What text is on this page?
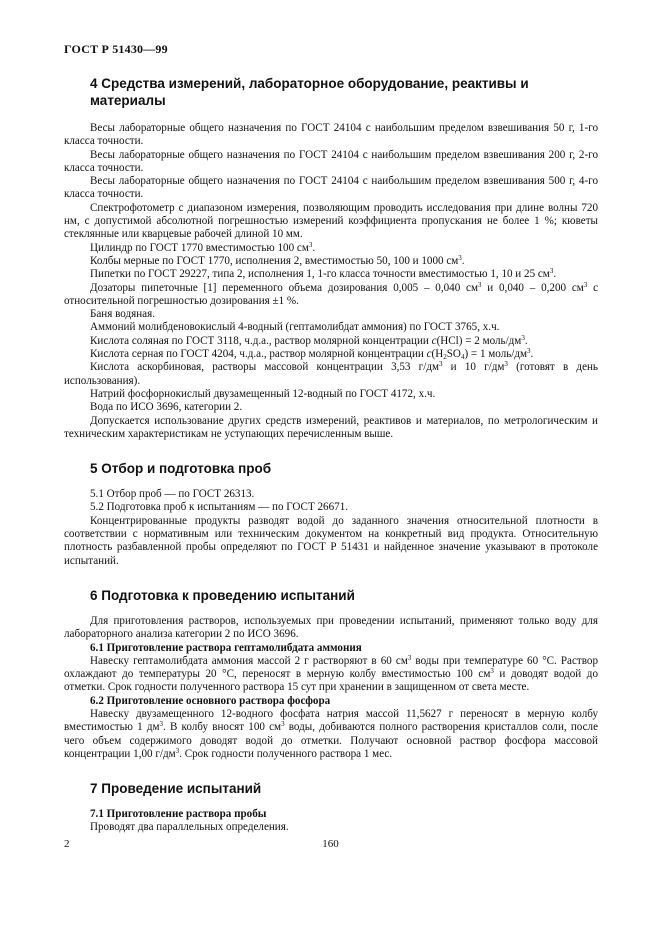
ГОСТ Р 51430—99
4 Средства измерений, лабораторное оборудование, реактивы и материалы

Весы лабораторные общего назначения по ГОСТ 24104 с наибольшим пределом взвешивания 50 г, 1-го класса точности.

Весы лабораторные общего назначения по ГОСТ 24104 с наибольшим пределом взвешивания 200 г, 2-го класса точности.

Весы лабораторные общего назначения по ГОСТ 24104 с наибольшим пределом взвешивания 500 г, 4-го класса точности.

Спектрофотометр с диапазоном измерения, позволяющим проводить исследования при длине волны 720 нм, с допустимой абсолютной погрешностью измерений коэффициента пропускания не более 1 %; кюветы стеклянные или кварцевые рабочей длиной 10 мм.

Цилиндр по ГОСТ 1770 вместимостью 100 $см^3$.

Колбы мерные по ГОСТ 1770, исполнения 2, вместимостью 50, 100 и 1000 $см^3$.

Пипетки по ГОСТ 29227, типа 2, исполнения 1, 1-го класса точности вместимостью 1, 10 и 25 $см^3$.

Дозаторы пипеточные [1] переменного объема дозирования 0,005 – 0,040 $см^3$ и 0,040 – 0,200 $см^3$ с относительной погрешностью дозирования ±1 %.

Баня водяная.

Аммоний молибденовокислый 4-водный (гептамолибдат аммония) по ГОСТ 3765, х.ч.

Кислота соляная по ГОСТ 3118, ч.д.а., раствор молярной концентрации c(HCl) = 2 моль/$дм^3$.

Кислота серная по ГОСТ 4204, ч.д.а., раствор молярной концентрации $c(H_2SO_4) = 1$ моль/$дм^3$.

Кислота аскорбиновая, растворы массовой концентрации 3,53 $г/дм^3$ и 10 $г/дм^3$ (готовят в день использования).

Натрий фосфорнокислый двузамещенный 12-водный по ГОСТ 4172, х.ч.

Вода по ИСО 3696, категории 2.

Допускается использование других средств измерений, реактивов и материалов, по метрологическим и техническим характеристикам не уступающих перечисленным выше.

5 Отбор и подготовка проб

5.1 Отбор проб — по ГОСТ 26313.

5.2 Подготовка проб к испытаниям — по ГОСТ 26671.

Концентрированные продукты разводят водой до заданного значения относительной плотности в соответствии с нормативным или техническим документом на конкретный вид продукта. Относительную плотность разбавленной пробы определяют по ГОСТ Р 51431 и найденное значение указывают в протоколе испытаний.

6 Подготовка к проведению испытаний

Для приготовления растворов, используемых при проведении испытаний, применяют только воду для лабораторного анализа категории 2 по ИСО 3696.

6.1 Приготовление раствора гептамолибдата аммония

Навеску гептамолибдата аммония массой 2 г растворяют в 60 $см^3$ воды при температуре 60 °С. Раствор охлаждают до температуры 20 °С, переносят в мерную колбу вместимостью 100 $см^3$ и доводят водой до отметки. Срок годности полученного раствора 15 сут при хранении в защищенном от света месте.

6.2 Приготовление основного раствора фосфора

Навеску двузамещенного 12-водного фосфата натрия массой 11,5627 г переносят в мерную колбу вместимостью 1 $дм^3$. В колбу вносят 100 $см^3$ воды, добиваются полного растворения кристаллов соли, после чего объем содержимого доводят водой до отметки. Получают основной раствор фосфора массовой концентрации 1,00 $г/дм^3$. Срок годности полученного раствора 1 мес.

7 Проведение испытаний

7.1 Приготовление раствора пробы

Проводят два параллельных определения.

2	160
